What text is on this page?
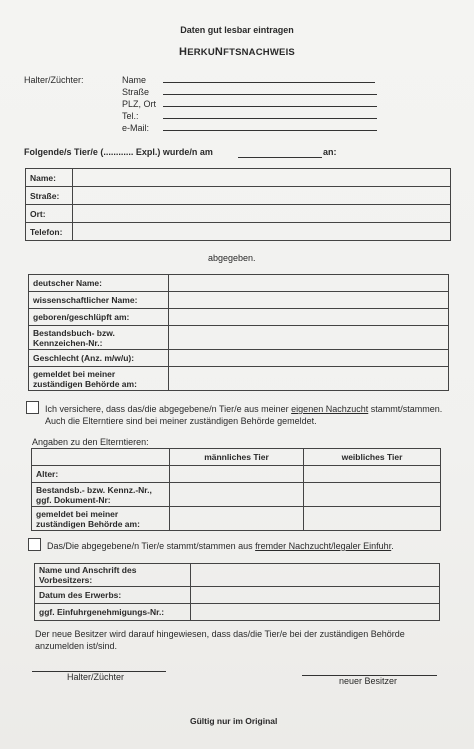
Daten gut lesbar eintragen
HERKUNFTSNACHWEIS
Halter/Züchter:	Name
Straße
PLZ, Ort
Tel.:
e-Mail:
Folgende/s Tier/e (............ Expl.) wurde/n am	an:
Name:	
Straße:	
Ort:	
Telefon:	
abgegeben.
deutscher Name:	
wissenschaftlicher Name:	
geboren/geschlüpft am:	
Bestandsbuch- bzw. Kennzeichen-Nr.:	
Geschlecht (Anz. m/w/u):	
gemeldet bei meiner zuständigen Behörde am:	
Ich versichere, dass das/die abgegebene/n Tier/e aus meiner eigenen Nachzucht stammt/stammen. Auch die Elterntiere sind bei meiner zuständigen Behörde gemeldet.
Angaben zu den Elterntieren:
	männliches Tier	weibliches Tier
Alter:		
Bestandsb.- bzw. Kennz.-Nr., ggf. Dokument-Nr:		
gemeldet bei meiner zuständigen Behörde am:		
Das/Die abgegebene/n Tier/e stammt/stammen aus fremder Nachzucht/legaler Einfuhr.
Name und Anschrift des Vorbesitzers:	
Datum des Erwerbs:	
ggf. Einfuhrgenehmigungs-Nr.:	
Der neue Besitzer wird darauf hingewiesen, dass das/die Tier/e bei der zuständigen Behörde anzumelden ist/sind.
Halter/Züchter	neuer Besitzer
Gültig nur im Original
